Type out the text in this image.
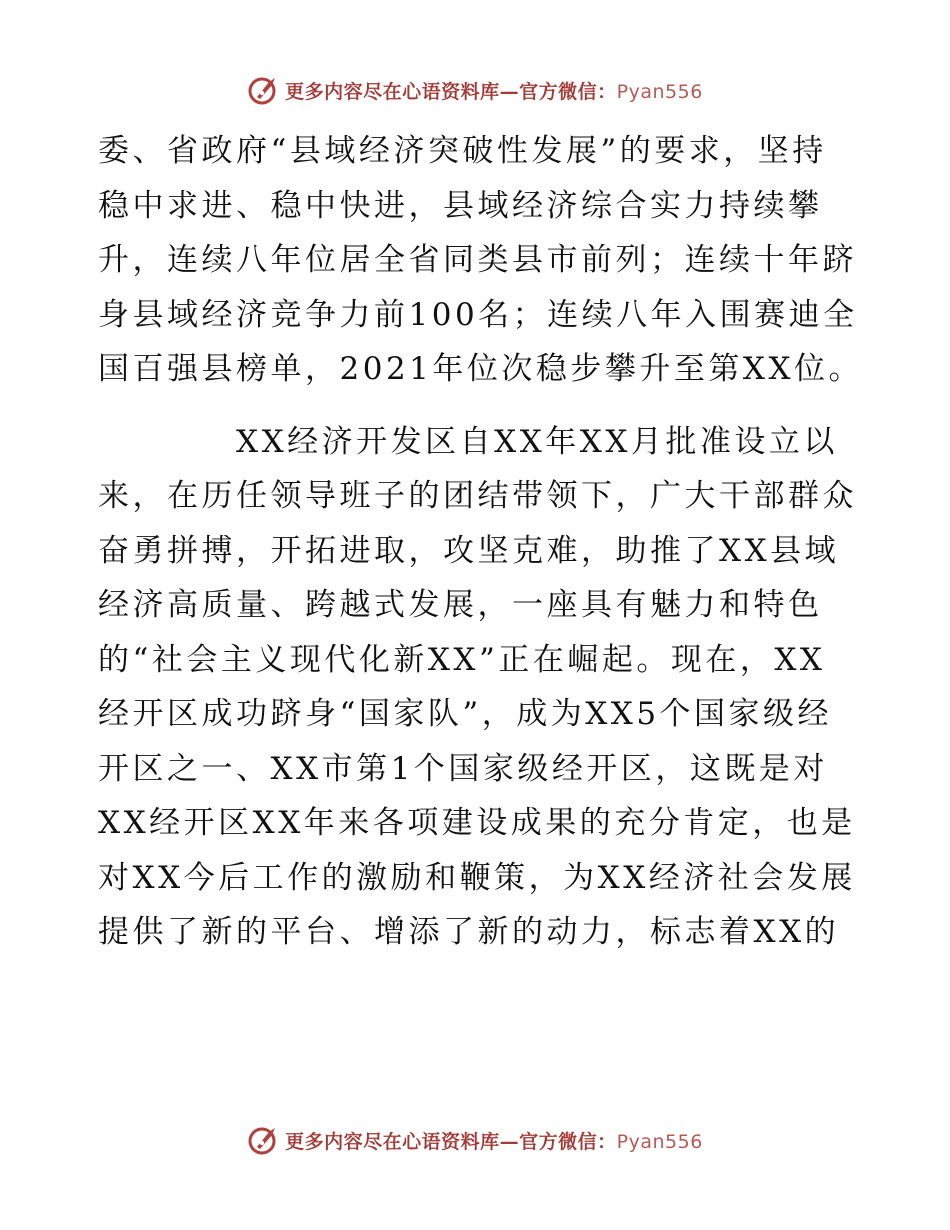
更多内容尽在心语资料库—官方微信：Pyan556
委、省政府“县域经济突破性发展”的要求，坚持
稳中求进、稳中快进，县域经济综合实力持续攀
升，连续八年位居全省同类县市前列；连续十年跻
身县域经济竞争力前100名；连续八年入围赛迪全
国百强县榜单，2021年位次稳步攀升至第XX位。
　　　　XX经济开发区自XX年XX月批准设立以
来，在历任领导班子的团结带领下，广大干部群众
奋勇拼搏，开拓进取，攻坚克难，助推了XX县域
经济高质量、跨越式发展，一座具有魅力和特色
的“社会主义现代化新XX”正在崛起。现在，XX
经开区成功跻身“国家队”，成为XX5个国家级经
开区之一、XX市第1个国家级经开区，这既是对
XX经开区XX年来各项建设成果的充分肯定，也是
对XX今后工作的激励和鞭策，为XX经济社会发展
提供了新的平台、增添了新的动力，标志着XX的
更多内容尽在心语资料库—官方微信：Pyan556
